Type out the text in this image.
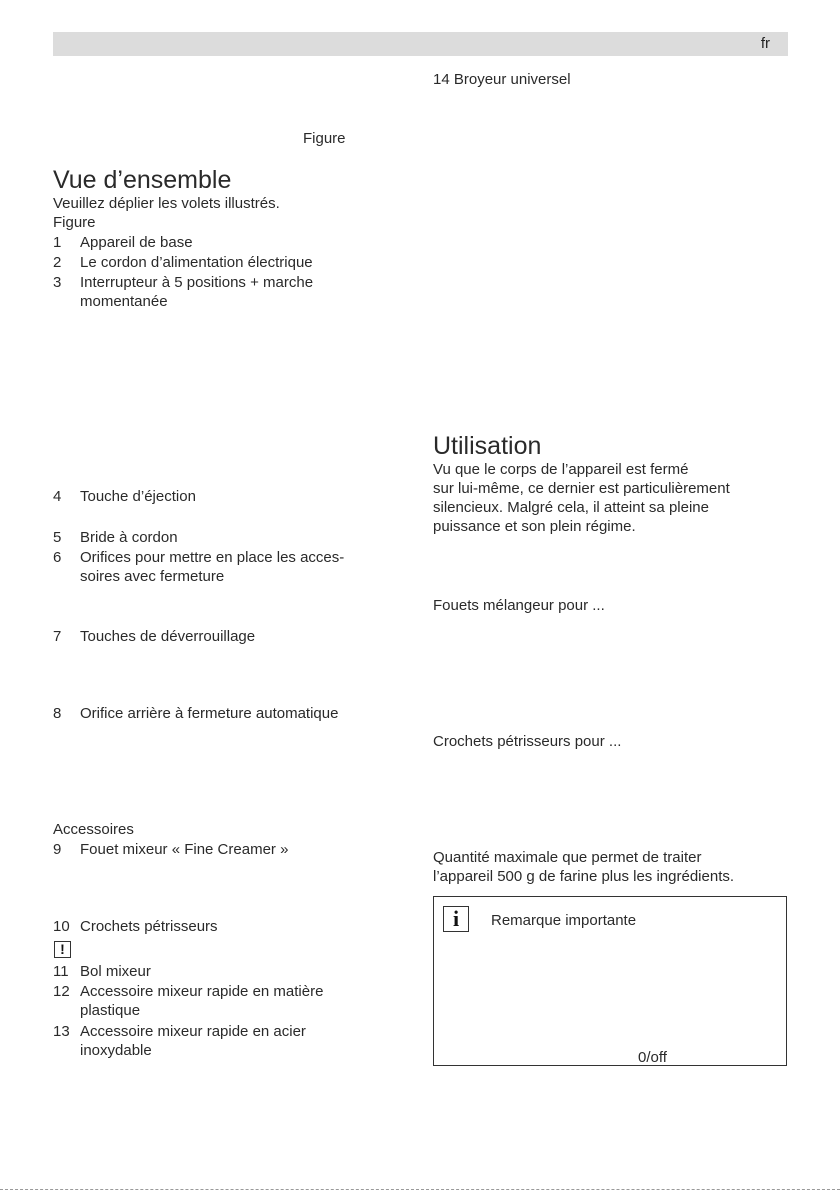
fr
Figure
Vue d’ensemble
Veuillez déplier les volets illustrés.
Figure
1 Appareil de base
2 Le cordon d’alimentation électrique
3 Interrupteur à 5 positions + marche
momentanée
4 Touche d’éjection
5 Bride à cordon
6 Orifices pour mettre en place les acces-
soires avec fermeture
7 Touches de déverrouillage
8 Orifice arrière à fermeture automatique
Accessoires
9 Fouet mixeur « Fine Creamer »
10 Crochets pétrisseurs
!
11 Bol mixeur
12 Accessoire mixeur rapide en matière
plastique
13 Accessoire mixeur rapide en acier
inoxydable
14 Broyeur universel
Utilisation
Vu que le corps de l’appareil est fermé
sur lui-même, ce dernier est particulièrement
silencieux. Malgré cela, il atteint sa pleine
puissance et son plein régime.
Fouets mélangeur pour ...
Crochets pétrisseurs pour ...
Quantité maximale que permet de traiter
l’appareil 500 g de farine plus les ingrédients.
i	Remarque importante
0/off
